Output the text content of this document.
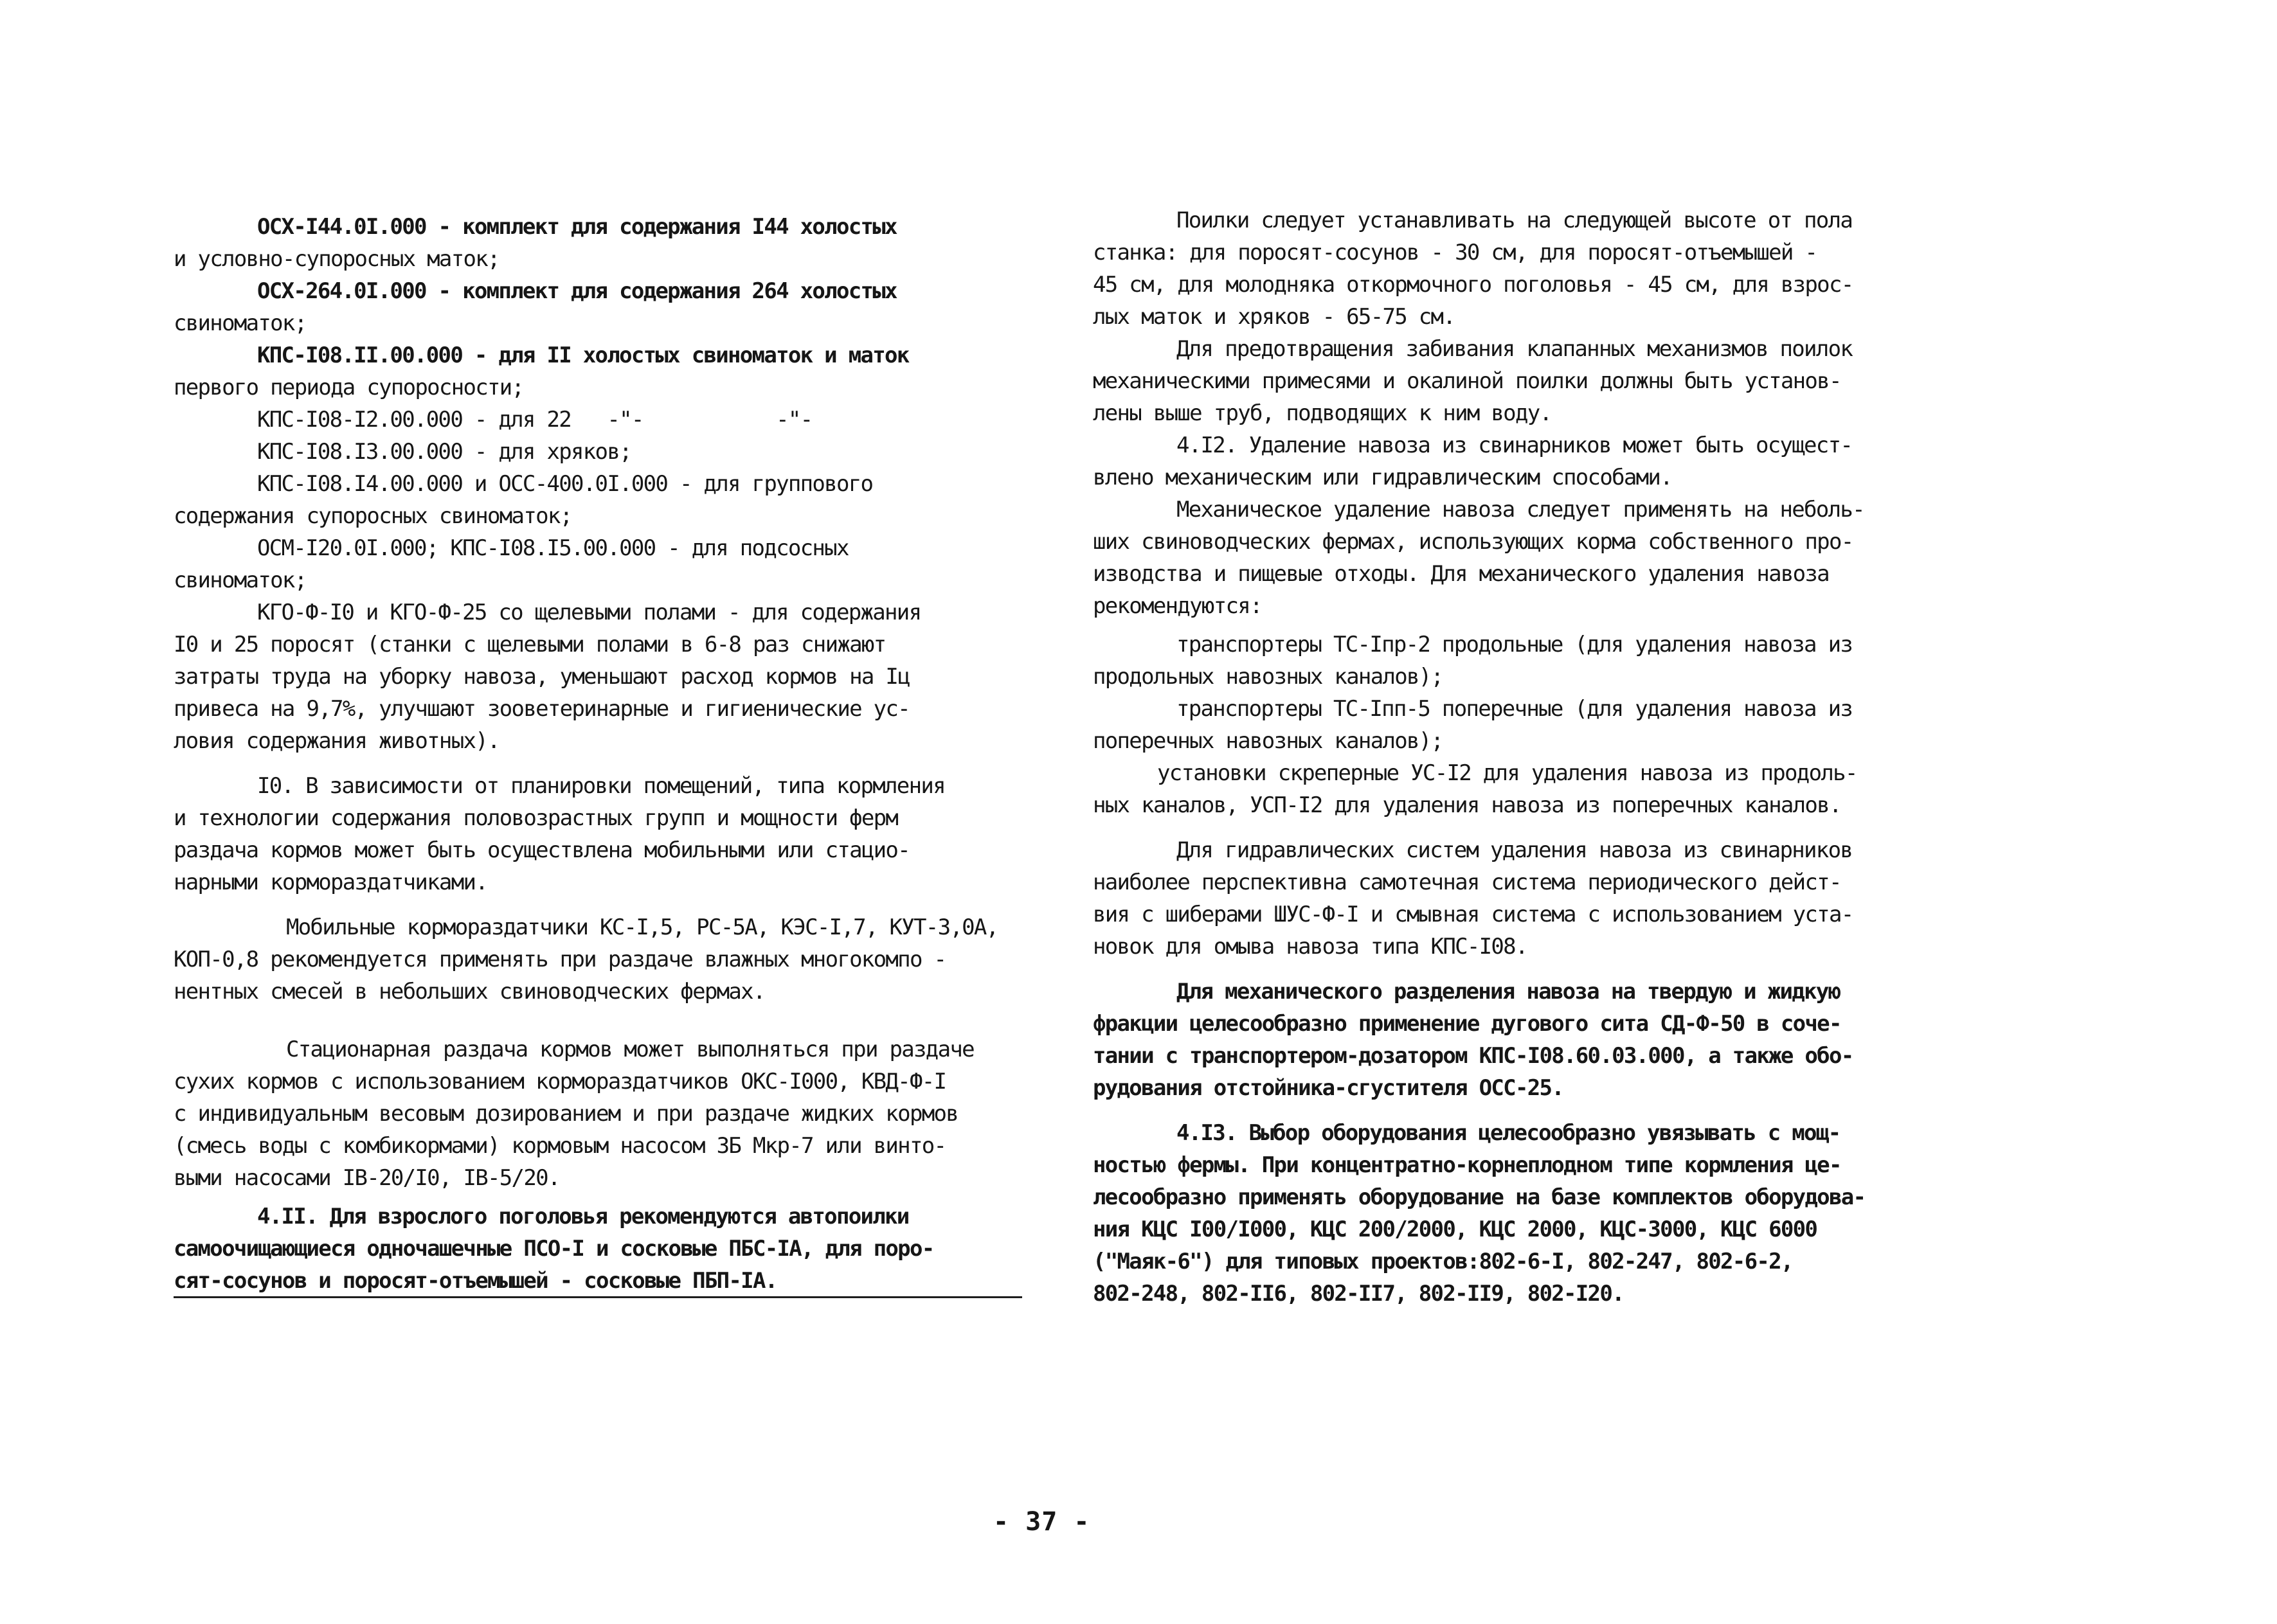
ОСХ-I44.0I.000 - комплект для содержания I44 холостых
и условно-супоросных маток;
ОСХ-264.0I.000 - комплект для содержания 264 холостых
свиноматок;
КПС-I08.II.00.000 - для II холостых свиноматок и маток
первого периода супоросности;
КПС-I08-I2.00.000 - для 22   -"-           -"-
КПС-I08.I3.00.000 - для хряков;
КПС-I08.I4.00.000 и ОСС-400.0I.000 - для группового
содержания супоросных свиноматок;
ОСМ-I20.0I.000; КПС-I08.I5.00.000 - для подсосных
свиноматок;
КГО-Ф-I0 и КГО-Ф-25 со щелевыми полами - для содержания
I0 и 25 поросят (станки с щелевыми полами в 6-8 раз снижают
затраты труда на уборку навоза, уменьшают расход кормов на Iц
привеса на 9,7%, улучшают зооветеринарные и гигиенические ус-
ловия содержания животных).
I0. В зависимости от планировки помещений, типа кормления
и технологии содержания половозрастных групп и мощности ферм
раздача кормов может быть осуществлена мобильными или стацио-
нарными кормораздатчиками.
Мобильные кормораздатчики КС-I,5, РС-5А, КЭС-I,7, КУТ-3,0А,
КОП-0,8 рекомендуется применять при раздаче влажных многокомпо -
нентных смесей в небольших свиноводческих фермах.
Стационарная раздача кормов может выполняться при раздаче
сухих кормов с использованием кормораздатчиков ОКС-I000, КВД-Ф-I
с индивидуальным весовым дозированием и при раздаче жидких кормов
(смесь воды с комбикормами) кормовым насосом 3Б Мкр-7 или винто-
выми насосами IВ-20/I0, IВ-5/20.
4.II. Для взрослого поголовья рекомендуются автопоилки
самоочищающиеся одночашечные ПСО-I и сосковые ПБС-IА, для поро-
сят-сосунов и поросят-отъемышей - сосковые ПБП-IА.
Поилки следует устанавливать на следующей высоте от пола
станка: для поросят-сосунов - 30 см, для поросят-отъемышей -
45 см, для молодняка откормочного поголовья - 45 см, для взрос-
лых маток и хряков - 65-75 см.
Для предотвращения забивания клапанных механизмов поилок
механическими примесями и окалиной поилки должны быть установ-
лены выше труб, подводящих к ним воду.
4.I2. Удаление навоза из свинарников может быть осущест-
влено механическим или гидравлическим способами.
Механическое удаление навоза следует применять на неболь-
ших свиноводческих фермах, использующих корма собственного про-
изводства и пищевые отходы. Для механического удаления навоза
рекомендуются:
транспортеры ТС-Iпр-2 продольные (для удаления навоза из
продольных навозных каналов);
транспортеры ТС-Iпп-5 поперечные (для удаления навоза из
поперечных навозных каналов);
установки скреперные УС-I2 для удаления навоза из продоль-
ных каналов, УСП-I2 для удаления навоза из поперечных каналов.
Для гидравлических систем удаления навоза из свинарников
наиболее перспективна самотечная система периодического дейст-
вия с шиберами ШУС-Ф-I и смывная система с использованием уста-
новок для омыва навоза типа КПС-I08.
Для механического разделения навоза на твердую и жидкую
фракции целесообразно применение дугового сита СД-Ф-50 в соче-
тании с транспортером-дозатором КПС-I08.60.03.000, а также обо-
рудования отстойника-сгустителя ОСС-25.
4.I3. Выбор оборудования целесообразно увязывать с мощ-
ностью фермы. При концентратно-корнеплодном типе кормления це-
лесообразно применять оборудование на базе комплектов оборудова-
ния КЦС I00/I000, КЦС 200/2000, КЦС 2000, КЦС-3000, КЦС 6000
("Маяк-6") для типовых проектов:802-6-I, 802-247, 802-6-2,
802-248, 802-II6, 802-II7, 802-II9, 802-I20.
- 37 -
